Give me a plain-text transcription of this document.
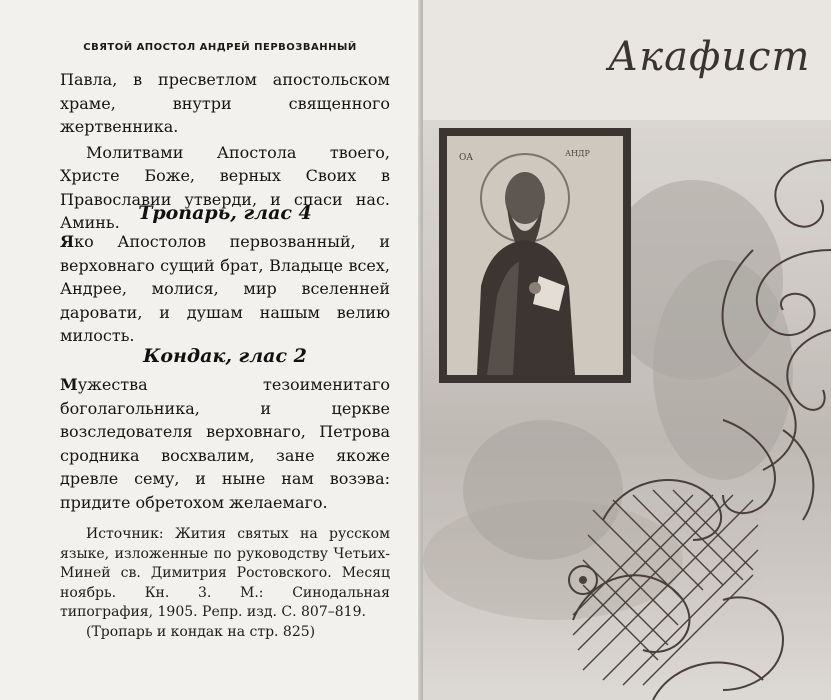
СВЯТОЙ АПОСТОЛ АНДРЕЙ ПЕРВОЗВАННЫЙ

Павла, в пресветлом апостольском храме, внутри священного жертвенника.

Молитвами Апостола твоего, Христе Боже, верных Своих в Православии утверди, и спаси нас. Аминь. Тропарь, глас 4

Яко Апостолов первозванный, и верховнаго сущий брат, Владыце всех, Андрее, молися, мир вселенней даровати, и душам нашым велию милость.

Кондак, глас 2

Мужества тезоименитаго боголагольника, и церкве возследователя верховнаго, Петрова сродника восхвалим, зане якоже древле сему, и ныне нам возэва: придите обретохом желаемаго.

Источник: Жития святых на русском языке, изложенные по руководству Четьих-Миней св. Димитрия Ростовского. Месяц ноябрь. Кн. 3. М.: Синодальная типография, 1905. Репр. изд. С. 807–819.

(Тропарь и кондак на стр. 825)

Акафист
ΟΑ	АНДР
